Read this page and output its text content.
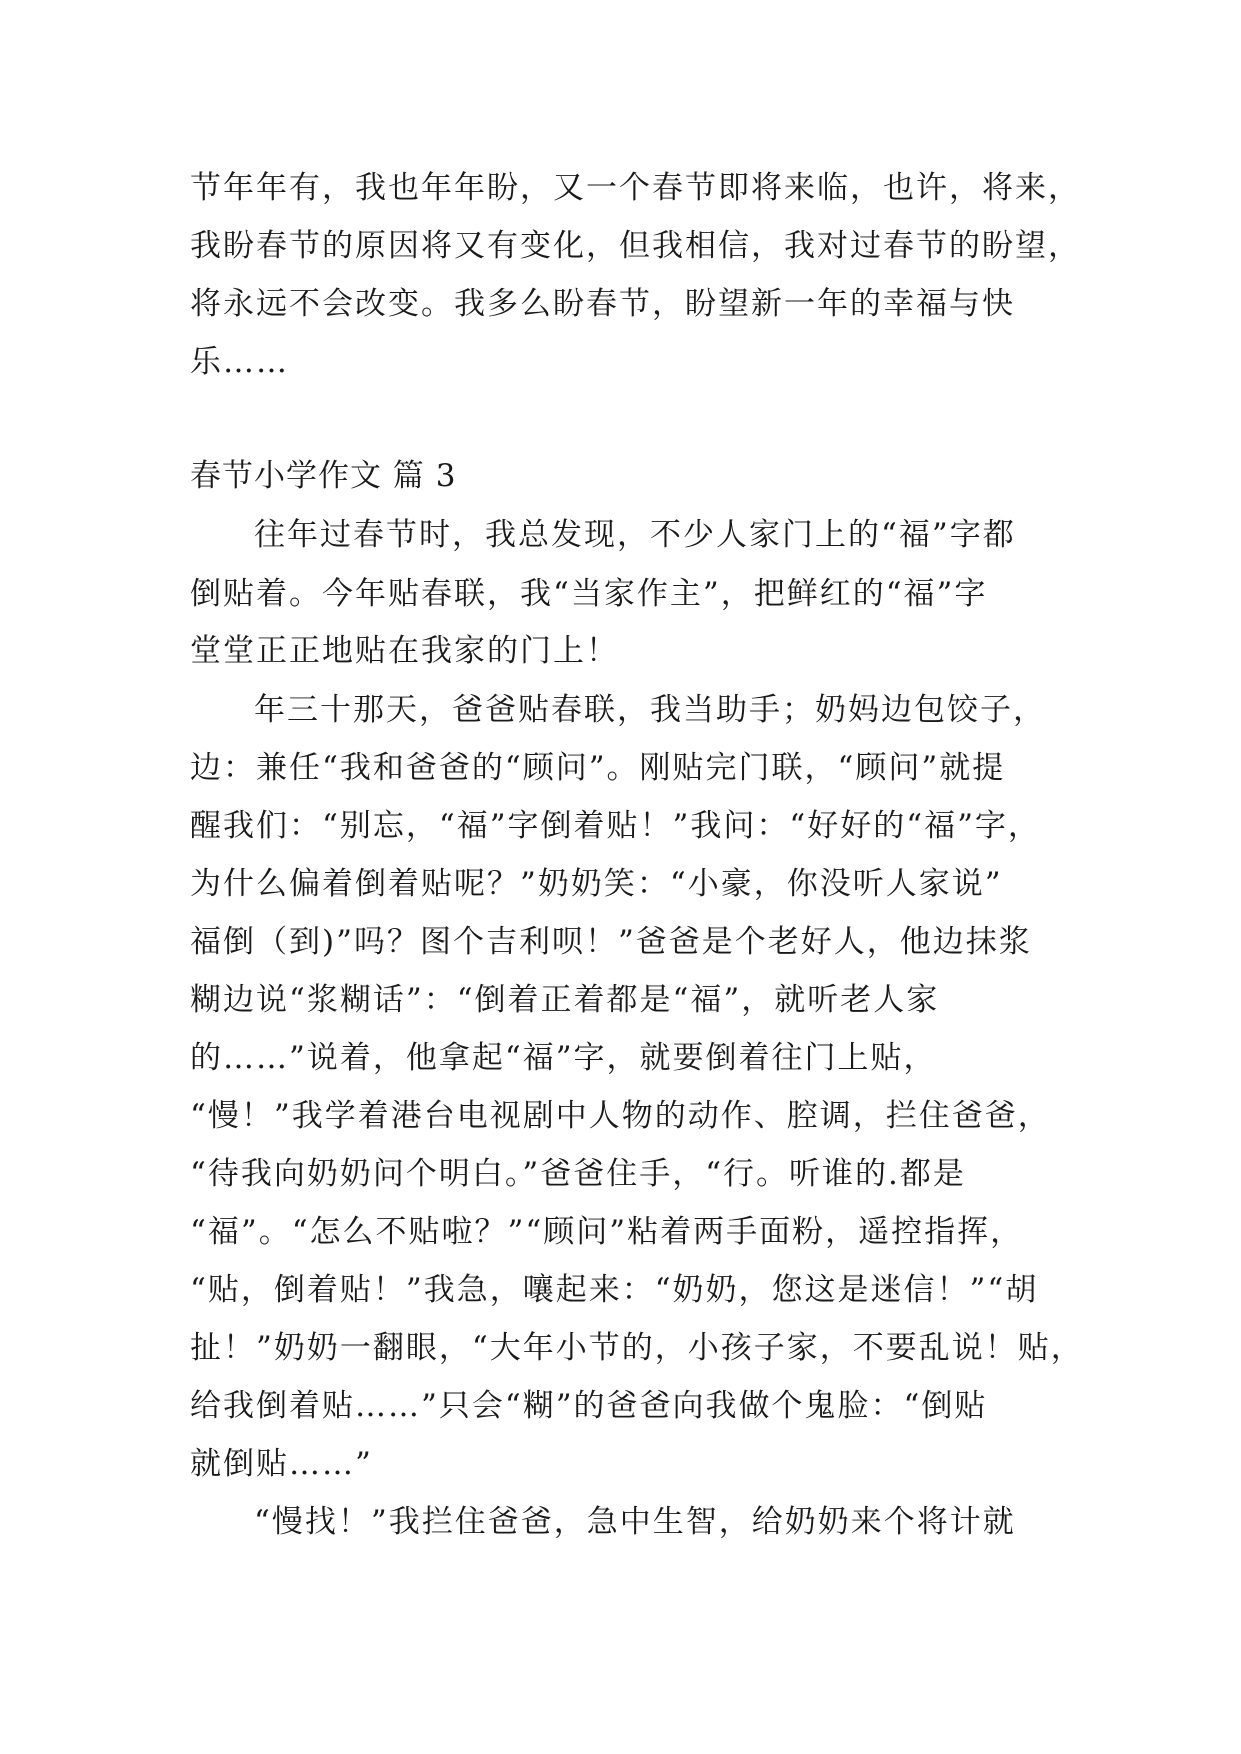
节年年有，我也年年盼，又一个春节即将来临，也许，将来，
我盼春节的原因将又有变化，但我相信，我对过春节的盼望，
将永远不会改变。我多么盼春节，盼望新一年的幸福与快
乐……
春节小学作文 篇 3
往年过春节时，我总发现，不少人家门上的“福”字都
倒贴着。今年贴春联，我“当家作主”，把鲜红的“福”字
堂堂正正地贴在我家的门上！
年三十那天，爸爸贴春联，我当助手；奶妈边包饺子，
边：兼任“我和爸爸的“顾问”。刚贴完门联，“顾问”就提
醒我们：“别忘，“福”字倒着贴！”我问：“好好的“福”字，
为什么偏着倒着贴呢？”奶奶笑：“小豪，你没听人家说”
福倒（到)”吗？图个吉利呗！”爸爸是个老好人，他边抹浆
糊边说“浆糊话”：“倒着正着都是“福”，就听老人家
的……”说着，他拿起“福”字，就要倒着往门上贴，
“慢！”我学着港台电视剧中人物的动作、腔调，拦住爸爸，
“待我向奶奶问个明白。”爸爸住手，“行。听谁的.都是
“福”。“怎么不贴啦？”“顾问”粘着两手面粉，遥控指挥，
“贴，倒着贴！”我急，嚷起来：“奶奶，您这是迷信！”“胡
扯！”奶奶一翻眼，“大年小节的，小孩子家，不要乱说！贴，
给我倒着贴……”只会“糊”的爸爸向我做个鬼脸：“倒贴
就倒贴……”
“慢找！”我拦住爸爸，急中生智，给奶奶来个将计就
